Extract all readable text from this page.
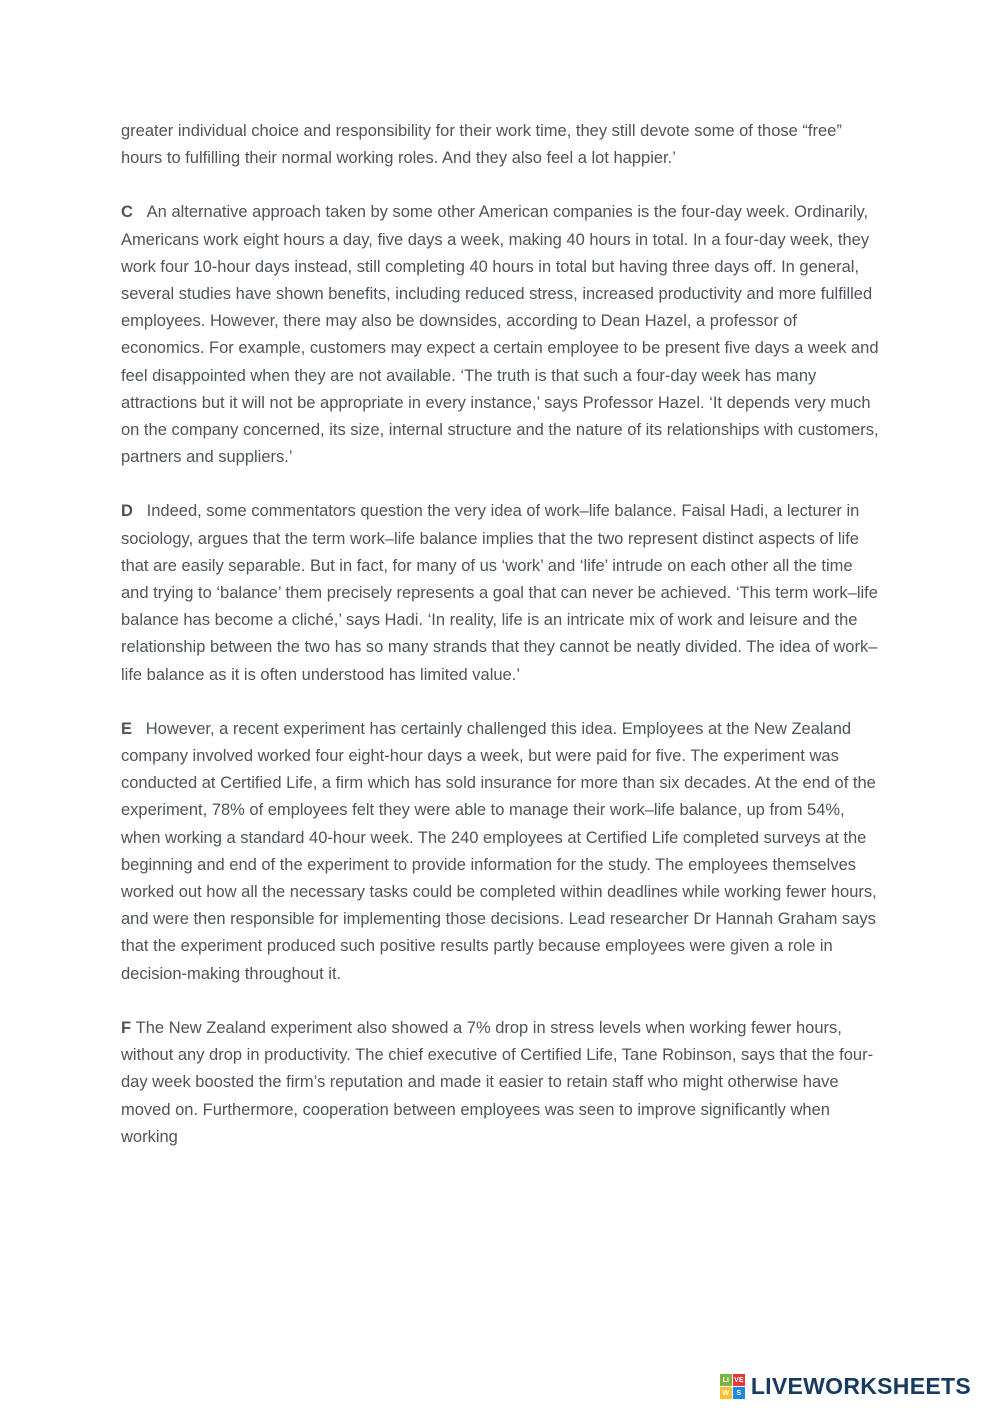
greater individual choice and responsibility for their work time, they still devote some of those “free” hours to fulfilling their normal working roles. And they also feel a lot happier.’

C   An alternative approach taken by some other American companies is the four-day week. Ordinarily, Americans work eight hours a day, five days a week, making 40 hours in total. In a four-day week, they work four 10-hour days instead, still completing 40 hours in total but having three days off. In general, several studies have shown benefits, including reduced stress, increased productivity and more fulfilled employees. However, there may also be downsides, according to Dean Hazel, a professor of economics. For example, customers may expect a certain employee to be present five days a week and feel disappointed when they are not available. ‘The truth is that such a four-day week has many attractions but it will not be appropriate in every instance,’ says Professor Hazel. ‘It depends very much on the company concerned, its size, internal structure and the nature of its relationships with customers, partners and suppliers.’

D   Indeed, some commentators question the very idea of work–life balance. Faisal Hadi, a lecturer in sociology, argues that the term work–life balance implies that the two represent distinct aspects of life that are easily separable. But in fact, for many of us ‘work’ and ‘life’ intrude on each other all the time and trying to ‘balance’ them precisely represents a goal that can never be achieved. ‘This term work–life balance has become a cliché,’ says Hadi. ‘In reality, life is an intricate mix of work and leisure and the relationship between the two has so many strands that they cannot be neatly divided. The idea of work– life balance as it is often understood has limited value.’

E   However, a recent experiment has certainly challenged this idea. Employees at the New Zealand company involved worked four eight-hour days a week, but were paid for five. The experiment was conducted at Certified Life, a firm which has sold insurance for more than six decades. At the end of the experiment, 78% of employees felt they were able to manage their work–life balance, up from 54%, when working a standard 40-hour week. The 240 employees at Certified Life completed surveys at the beginning and end of the experiment to provide information for the study. The employees themselves worked out how all the necessary tasks could be completed within deadlines while working fewer hours, and were then responsible for implementing those decisions. Lead researcher Dr Hannah Graham says that the experiment produced such positive results partly because employees were given a role in decision-making throughout it.

F The New Zealand experiment also showed a 7% drop in stress levels when working fewer hours, without any drop in productivity. The chief executive of Certified Life, Tane Robinson, says that the four-day week boosted the firm’s reputation and made it easier to retain staff who might otherwise have moved on. Furthermore, cooperation between employees was seen to improve significantly when working

LI VE
W	S LIVEWORKSHEETS
